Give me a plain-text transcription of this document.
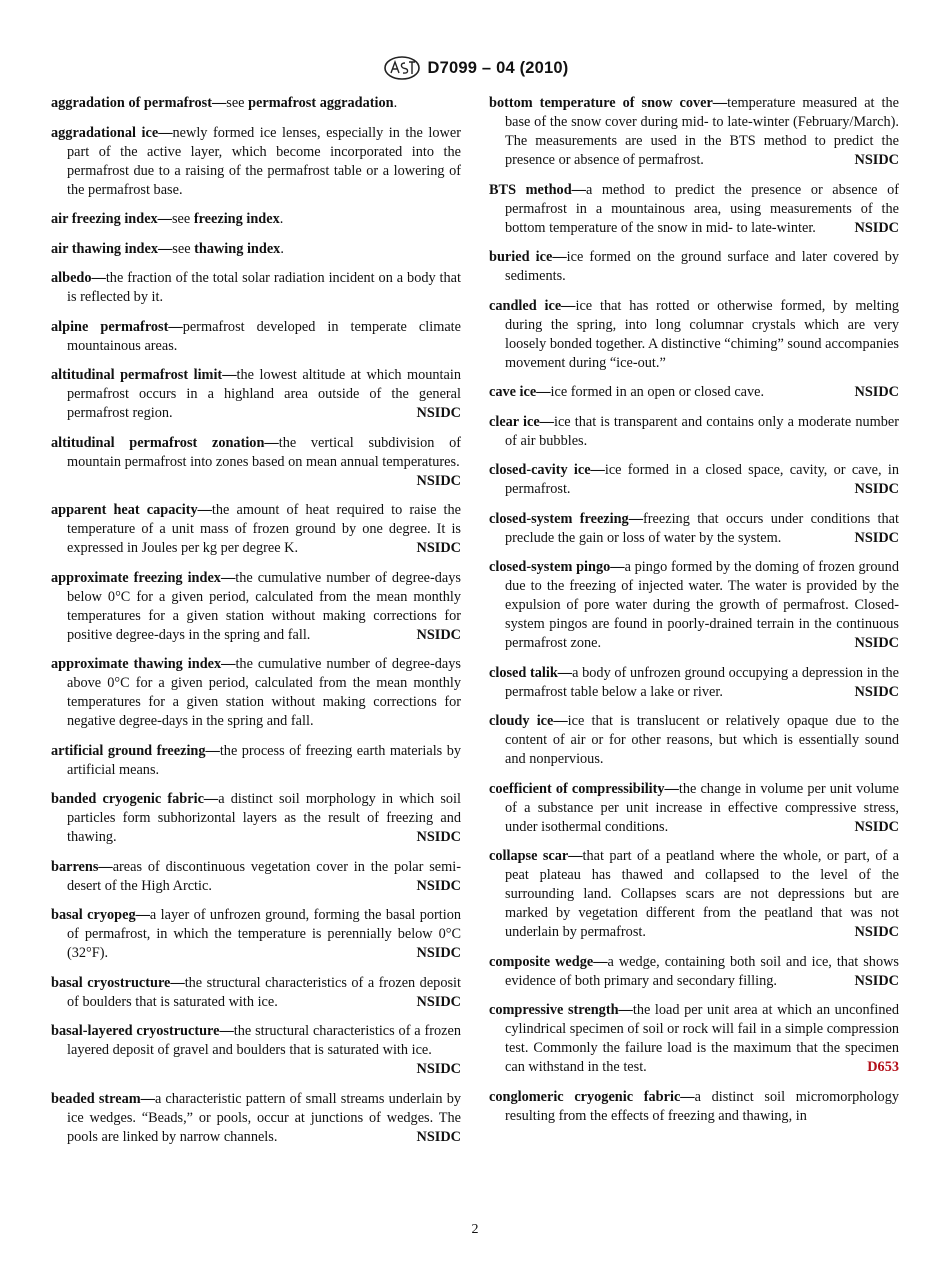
D7099 – 04 (2010)

aggradation of permafrost—see permafrost aggradation.

aggradational ice—newly formed ice lenses, especially in the lower part of the active layer, which become incorporated into the permafrost due to a raising of the permafrost table or a lowering of the permafrost base.

air freezing index—see freezing index.

air thawing index—see thawing index.

albedo—the fraction of the total solar radiation incident on a body that is reflected by it.

alpine permafrost—permafrost developed in temperate climate mountainous areas.

altitudinal permafrost limit—the lowest altitude at which mountain permafrost occurs in a highland area outside of the general permafrost region.	NSIDC

altitudinal permafrost zonation—the vertical subdivision of mountain permafrost into zones based on mean annual temperatures.
NSIDC

apparent heat capacity—the amount of heat required to raise the temperature of a unit mass of frozen ground by one degree. It is expressed in Joules per kg per degree K.	NSIDC

approximate freezing index—the cumulative number of degree-days below 0°C for a given period, calculated from the mean monthly temperatures for a given station without making corrections for positive degree-days in the spring and fall.	NSIDC

approximate thawing index—the cumulative number of degree-days above 0°C for a given period, calculated from the mean monthly temperatures for a given station without making corrections for negative degree-days in the spring and fall.

artificial ground freezing—the process of freezing earth materials by artificial means.

banded cryogenic fabric—a distinct soil morphology in which soil particles form subhorizontal layers as the result of freezing and thawing.	NSIDC

barrens—areas of discontinuous vegetation cover in the polar semi-desert of the High Arctic.	NSIDC

basal cryopeg—a layer of unfrozen ground, forming the basal portion of permafrost, in which the temperature is perennially below 0°C (32°F).	NSIDC

basal cryostructure—the structural characteristics of a frozen deposit of boulders that is saturated with ice.	NSIDC

basal-layered cryostructure—the structural characteristics of a frozen layered deposit of gravel and boulders that is saturated with ice.
NSIDC

beaded stream—a characteristic pattern of small streams underlain by ice wedges. “Beads,” or pools, occur at junctions of wedges. The pools are linked by narrow channels.	NSIDC

bottom temperature of snow cover—temperature measured at the base of the snow cover during mid- to late-winter (February/March). The measurements are used in the BTS method to predict the presence or absence of permafrost.	NSIDC

BTS method—a method to predict the presence or absence of permafrost in a mountainous area, using measurements of the bottom temperature of the snow in mid- to late-winter.	NSIDC

buried ice—ice formed on the ground surface and later covered by sediments.

candled ice—ice that has rotted or otherwise formed, by melting during the spring, into long columnar crystals which are very loosely bonded together. A distinctive “chiming” sound accompanies movement during “ice-out.”

cave ice—ice formed in an open or closed cave.	NSIDC

clear ice—ice that is transparent and contains only a moderate number of air bubbles.

closed-cavity ice—ice formed in a closed space, cavity, or cave, in permafrost.	NSIDC

closed-system freezing—freezing that occurs under conditions that preclude the gain or loss of water by the system.	NSIDC

closed-system pingo—a pingo formed by the doming of frozen ground due to the freezing of injected water. The water is provided by the expulsion of pore water during the growth of permafrost. Closed-system pingos are found in poorly-drained terrain in the continuous permafrost zone.	NSIDC

closed talik—a body of unfrozen ground occupying a depression in the permafrost table below a lake or river.	NSIDC

cloudy ice—ice that is translucent or relatively opaque due to the content of air or for other reasons, but which is essentially sound and nonpervious.

coefficient of compressibility—the change in volume per unit volume of a substance per unit increase in effective compressive stress, under isothermal conditions.	NSIDC

collapse scar—that part of a peatland where the whole, or part, of a peat plateau has thawed and collapsed to the level of the surrounding land. Collapses scars are not depressions but are marked by vegetation different from the peatland that was not underlain by permafrost.	NSIDC

composite wedge—a wedge, containing both soil and ice, that shows evidence of both primary and secondary filling.	NSIDC

compressive strength—the load per unit area at which an unconfined cylindrical specimen of soil or rock will fail in a simple compression test. Commonly the failure load is the maximum that the specimen can withstand in the test.	D653

conglomeric cryogenic fabric—a distinct soil micromorphology resulting from the effects of freezing and thawing, in

2
